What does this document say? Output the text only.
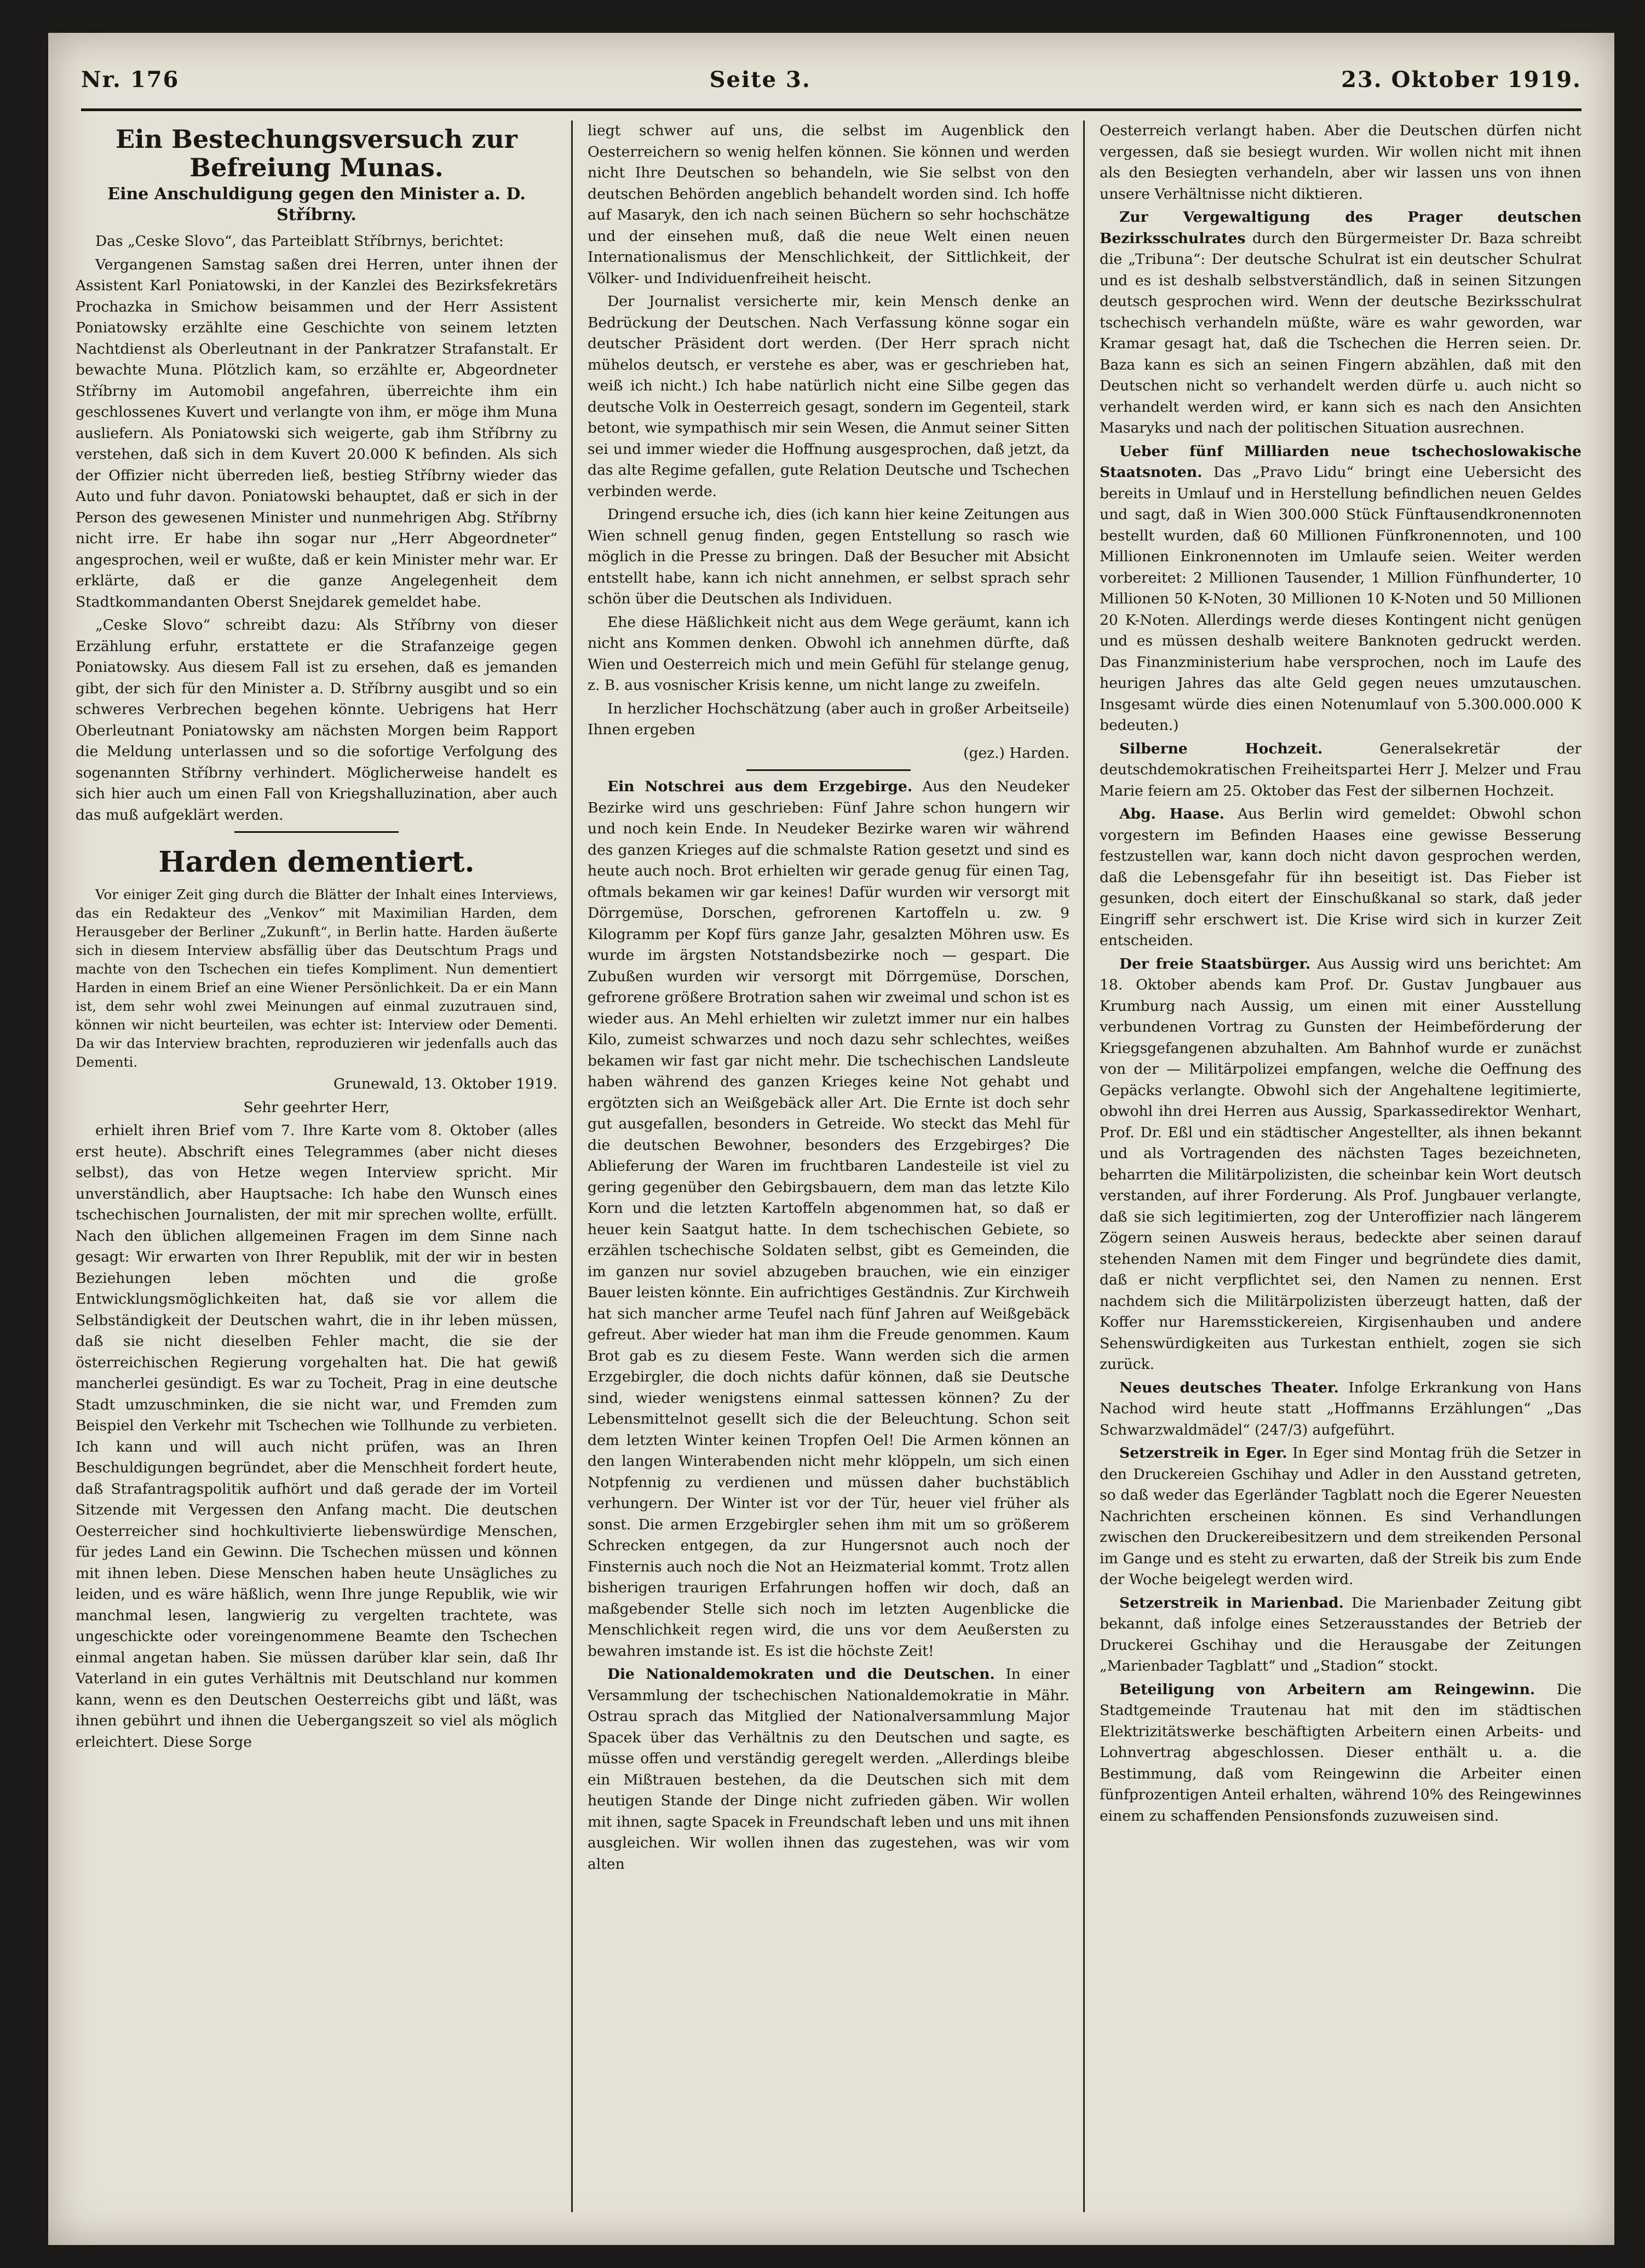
Nr. 176	Seite 3.	23. Oktober 1919.
Ein Bestechungsversuch zur Befreiung Munas.
Eine Anschuldigung gegen den Minister a. D. Stříbrny.

Das „Ceske Slovo“, das Parteiblatt Stříbrnys, berichtet:

Vergangenen Samstag saßen drei Herren, unter ihnen der Assistent Karl Poniatowski, in der Kanzlei des Bezirksfekretärs Prochazka in Smichow beisammen und der Herr Assistent Poniatowsky erzählte eine Geschichte von seinem letzten Nachtdienst als Oberleutnant in der Pankratzer Strafanstalt. Er bewachte Muna. Plötzlich kam, so erzählte er, Abgeordneter Stříbrny im Automobil angefahren, überreichte ihm ein geschlossenes Kuvert und verlangte von ihm, er möge ihm Muna ausliefern. Als Poniatowski sich weigerte, gab ihm Stříbrny zu verstehen, daß sich in dem Kuvert 20.000 K befinden. Als sich der Offizier nicht überreden ließ, bestieg Stříbrny wieder das Auto und fuhr davon. Poniatowski behauptet, daß er sich in der Person des gewesenen Minister und nunmehrigen Abg. Stříbrny nicht irre. Er habe ihn sogar nur „Herr Abgeordneter“ angesprochen, weil er wußte, daß er kein Minister mehr war. Er erklärte, daß er die ganze Angelegenheit dem Stadtkommandanten Oberst Snejdarek gemeldet habe.

„Ceske Slovo“ schreibt dazu: Als Stříbrny von dieser Erzählung erfuhr, erstattete er die Strafanzeige gegen Poniatowsky. Aus diesem Fall ist zu ersehen, daß es jemanden gibt, der sich für den Minister a. D. Stříbrny ausgibt und so ein schweres Verbrechen begehen könnte. Uebrigens hat Herr Oberleutnant Poniatowsky am nächsten Morgen beim Rapport die Meldung unterlassen und so die sofortige Verfolgung des sogenannten Stříbrny verhindert. Möglicherweise handelt es sich hier auch um einen Fall von Kriegshalluzination, aber auch das muß aufgeklärt werden.

Harden dementiert.

Vor einiger Zeit ging durch die Blätter der Inhalt eines Interviews, das ein Redakteur des „Venkov“ mit Maximilian Harden, dem Herausgeber der Berliner „Zukunft“, in Berlin hatte. Harden äußerte sich in diesem Interview absfällig über das Deutschtum Prags und machte von den Tschechen ein tiefes Kompliment. Nun dementiert Harden in einem Brief an eine Wiener Persönlichkeit. Da er ein Mann ist, dem sehr wohl zwei Meinungen auf einmal zuzutrauen sind, können wir nicht beurteilen, was echter ist: Interview oder Dementi. Da wir das Interview brachten, reproduzieren wir jedenfalls auch das Dementi.

Grunewald, 13. Oktober 1919.

Sehr geehrter Herr,

erhielt ihren Brief vom 7. Ihre Karte vom 8. Oktober (alles erst heute). Abschrift eines Telegrammes (aber nicht dieses selbst), das von Hetze wegen Interview spricht. Mir unverständlich, aber Hauptsache: Ich habe den Wunsch eines tschechischen Journalisten, der mit mir sprechen wollte, erfüllt. Nach den üblichen allgemeinen Fragen im dem Sinne nach gesagt: Wir erwarten von Ihrer Republik, mit der wir in besten Beziehungen leben möchten und die große Entwicklungsmöglichkeiten hat, daß sie vor allem die Selbständigkeit der Deutschen wahrt, die in ihr leben müssen, daß sie nicht dieselben Fehler macht, die sie der österreichischen Regierung vorgehalten hat. Die hat gewiß mancherlei gesündigt. Es war zu Tocheit, Prag in eine deutsche Stadt umzuschminken, die sie nicht war, und Fremden zum Beispiel den Verkehr mit Tschechen wie Tollhunde zu verbieten. Ich kann und will auch nicht prüfen, was an Ihren Beschuldigungen begründet, aber die Menschheit fordert heute, daß Strafantragspolitik aufhört und daß gerade der im Vorteil Sitzende mit Vergessen den Anfang macht. Die deutschen Oesterreicher sind hochkultivierte liebenswürdige Menschen, für jedes Land ein Gewinn. Die Tschechen müssen und können mit ihnen leben. Diese Menschen haben heute Unsägliches zu leiden, und es wäre häßlich, wenn Ihre junge Republik, wie wir manchmal lesen, langwierig zu vergelten trachtete, was ungeschickte oder voreingenommene Beamte den Tschechen einmal angetan haben. Sie müssen darüber klar sein, daß Ihr Vaterland in ein gutes Verhältnis mit Deutschland nur kommen kann, wenn es den Deutschen Oesterreichs gibt und läßt, was ihnen gebührt und ihnen die Uebergangszeit so viel als möglich erleichtert. Diese Sorge

liegt schwer auf uns, die selbst im Augenblick den Oesterreichern so wenig helfen können. Sie können und werden nicht Ihre Deutschen so behandeln, wie Sie selbst von den deutschen Behörden angeblich behandelt worden sind. Ich hoffe auf Masaryk, den ich nach seinen Büchern so sehr hochschätze und der einsehen muß, daß die neue Welt einen neuen Internationalismus der Menschlichkeit, der Sittlichkeit, der Völker- und Individuenfreiheit heischt.

Der Journalist versicherte mir, kein Mensch denke an Bedrückung der Deutschen. Nach Verfassung könne sogar ein deutscher Präsident dort werden. (Der Herr sprach nicht mühelos deutsch, er verstehe es aber, was er geschrieben hat, weiß ich nicht.) Ich habe natürlich nicht eine Silbe gegen das deutsche Volk in Oesterreich gesagt, sondern im Gegenteil, stark betont, wie sympathisch mir sein Wesen, die Anmut seiner Sitten sei und immer wieder die Hoffnung ausgesprochen, daß jetzt, da das alte Regime gefallen, gute Relation Deutsche und Tschechen verbinden werde.

Dringend ersuche ich, dies (ich kann hier keine Zeitungen aus Wien schnell genug finden, gegen Entstellung so rasch wie möglich in die Presse zu bringen. Daß der Besucher mit Absicht entstellt habe, kann ich nicht annehmen, er selbst sprach sehr schön über die Deutschen als Individuen.

Ehe diese Häßlichkeit nicht aus dem Wege geräumt, kann ich nicht ans Kommen denken. Obwohl ich annehmen dürfte, daß Wien und Oesterreich mich und mein Gefühl für stelange genug, z. B. aus vosnischer Krisis kenne, um nicht lange zu zweifeln.

In herzlicher Hochschätzung (aber auch in großer Arbeitseile) Ihnen ergeben

(gez.) Harden.

Ein Notschrei aus dem Erzgebirge. Aus den Neudeker Bezirke wird uns geschrieben: Fünf Jahre schon hungern wir und noch kein Ende. In Neudeker Bezirke waren wir während des ganzen Krieges auf die schmalste Ration gesetzt und sind es heute auch noch. Brot erhielten wir gerade genug für einen Tag, oftmals bekamen wir gar keines! Dafür wurden wir versorgt mit Dörrgemüse, Dorschen, gefrorenen Kartoffeln u. zw. 9 Kilogramm per Kopf fürs ganze Jahr, gesalzten Möhren usw. Es wurde im ärgsten Notstandsbezirke noch — gespart. Die Zubußen wurden wir versorgt mit Dörrgemüse, Dorschen, gefrorene größere Brotration sahen wir zweimal und schon ist es wieder aus. An Mehl erhielten wir zuletzt immer nur ein halbes Kilo, zumeist schwarzes und noch dazu sehr schlechtes, weißes bekamen wir fast gar nicht mehr. Die tschechischen Landsleute haben während des ganzen Krieges keine Not gehabt und ergötzten sich an Weißgebäck aller Art. Die Ernte ist doch sehr gut ausgefallen, besonders in Getreide. Wo steckt das Mehl für die deutschen Bewohner, besonders des Erzgebirges? Die Ablieferung der Waren im fruchtbaren Landesteile ist viel zu gering gegenüber den Gebirgsbauern, dem man das letzte Kilo Korn und die letzten Kartoffeln abgenommen hat, so daß er heuer kein Saatgut hatte. In dem tschechischen Gebiete, so erzählen tschechische Soldaten selbst, gibt es Gemeinden, die im ganzen nur soviel abzugeben brauchen, wie ein einziger Bauer leisten könnte. Ein aufrichtiges Geständnis. Zur Kirchweih hat sich mancher arme Teufel nach fünf Jahren auf Weißgebäck gefreut. Aber wieder hat man ihm die Freude genommen. Kaum Brot gab es zu diesem Feste. Wann werden sich die armen Erzgebirgler, die doch nichts dafür können, daß sie Deutsche sind, wieder wenigstens einmal sattessen können? Zu der Lebensmittelnot gesellt sich die der Beleuchtung. Schon seit dem letzten Winter keinen Tropfen Oel! Die Armen können an den langen Winterabenden nicht mehr klöppeln, um sich einen Notpfennig zu verdienen und müssen daher buchstäblich verhungern. Der Winter ist vor der Tür, heuer viel früher als sonst. Die armen Erzgebirgler sehen ihm mit um so größerem Schrecken entgegen, da zur Hungersnot auch noch der Finsternis auch noch die Not an Heizmaterial kommt. Trotz allen bisherigen traurigen Erfahrungen hoffen wir doch, daß an maßgebender Stelle sich noch im letzten Augenblicke die Menschlichkeit regen wird, die uns vor dem Aeußersten zu bewahren imstande ist. Es ist die höchste Zeit!

Die Nationaldemokraten und die Deutschen. In einer Versammlung der tschechischen Nationaldemokratie in Mähr. Ostrau sprach das Mitglied der Nationalversammlung Major Spacek über das Verhältnis zu den Deutschen und sagte, es müsse offen und verständig geregelt werden. „Allerdings bleibe ein Mißtrauen bestehen, da die Deutschen sich mit dem heutigen Stande der Dinge nicht zufrieden gäben. Wir wollen mit ihnen, sagte Spacek in Freundschaft leben und uns mit ihnen ausgleichen. Wir wollen ihnen das zugestehen, was wir vom alten

Oesterreich verlangt haben. Aber die Deutschen dürfen nicht vergessen, daß sie besiegt wurden. Wir wollen nicht mit ihnen als den Besiegten verhandeln, aber wir lassen uns von ihnen unsere Verhältnisse nicht diktieren.

Zur Vergewaltigung des Prager deutschen Bezirksschulrates durch den Bürgermeister Dr. Baza schreibt die „Tribuna“: Der deutsche Schulrat ist ein deutscher Schulrat und es ist deshalb selbstverständlich, daß in seinen Sitzungen deutsch gesprochen wird. Wenn der deutsche Bezirksschulrat tschechisch verhandeln müßte, wäre es wahr geworden, war Kramar gesagt hat, daß die Tschechen die Herren seien. Dr. Baza kann es sich an seinen Fingern abzählen, daß mit den Deutschen nicht so verhandelt werden dürfe u. auch nicht so verhandelt werden wird, er kann sich es nach den Ansichten Masaryks und nach der politischen Situation ausrechnen.

Ueber fünf Milliarden neue tschechoslowakische Staatsnoten. Das „Pravo Lidu“ bringt eine Uebersicht des bereits in Umlauf und in Herstellung befindlichen neuen Geldes und sagt, daß in Wien 300.000 Stück Fünftausendkronennoten bestellt wurden, daß 60 Millionen Fünfkronennoten, und 100 Millionen Einkronennoten im Umlaufe seien. Weiter werden vorbereitet: 2 Millionen Tausender, 1 Million Fünfhunderter, 10 Millionen 50 K-Noten, 30 Millionen 10 K-Noten und 50 Millionen 20 K-Noten. Allerdings werde dieses Kontingent nicht genügen und es müssen deshalb weitere Banknoten gedruckt werden. Das Finanzministerium habe versprochen, noch im Laufe des heurigen Jahres das alte Geld gegen neues umzutauschen. Insgesamt würde dies einen Notenumlauf von 5.300.000.000 K bedeuten.)

Silberne Hochzeit.	Generalsekretär der deutschdemokratischen Freiheitspartei Herr J. Melzer und Frau Marie feiern am 25. Oktober das Fest der silbernen Hochzeit.

Abg. Haase. Aus Berlin wird gemeldet: Obwohl schon vorgestern im Befinden Haases eine gewisse Besserung festzustellen war, kann doch nicht davon gesprochen werden, daß die Lebensgefahr für ihn beseitigt ist. Das Fieber ist gesunken, doch eitert der Einschußkanal so stark, daß jeder Eingriff sehr erschwert ist. Die Krise wird sich in kurzer Zeit entscheiden.

Der freie Staatsbürger. Aus Aussig wird uns berichtet: Am 18. Oktober abends kam Prof. Dr. Gustav Jungbauer aus Krumburg nach Aussig, um einen mit einer Ausstellung verbundenen Vortrag zu Gunsten der Heimbeförderung der Kriegsgefangenen abzuhalten. Am Bahnhof wurde er zunächst von der — Militärpolizei empfangen, welche die Oeffnung des Gepäcks verlangte. Obwohl sich der Angehaltene legitimierte, obwohl ihn drei Herren aus Aussig, Sparkassedirektor Wenhart, Prof. Dr. Eßl und ein städtischer Angestellter, als ihnen bekannt und als Vortragenden des nächsten Tages bezeichneten, beharrten die Militärpolizisten, die scheinbar kein Wort deutsch verstanden, auf ihrer Forderung. Als Prof. Jungbauer verlangte, daß sie sich legitimierten, zog der Unteroffizier nach längerem Zögern seinen Ausweis heraus, bedeckte aber seinen darauf stehenden Namen mit dem Finger und begründete dies damit, daß er nicht verpflichtet sei, den Namen zu nennen. Erst nachdem sich die Militärpolizisten überzeugt hatten, daß der Koffer nur Haremsstickereien, Kirgisenhauben und andere Sehenswürdigkeiten aus Turkestan enthielt, zogen sie sich zurück.

Neues deutsches Theater. Infolge Erkrankung von Hans Nachod wird heute statt „Hoffmanns Erzählungen“ „Das Schwarzwaldmädel“ (247/3) aufgeführt.

Setzerstreik in Eger. In Eger sind Montag früh die Setzer in den Druckereien Gschihay und Adler in den Ausstand getreten, so daß weder das Egerländer Tagblatt noch die Egerer Neuesten Nachrichten erscheinen können. Es sind Verhandlungen zwischen den Druckereibesitzern und dem streikenden Personal im Gange und es steht zu erwarten, daß der Streik bis zum Ende der Woche beigelegt werden wird.

Setzerstreik in Marienbad. Die Marienbader Zeitung gibt bekannt, daß infolge eines Setzerausstandes der Betrieb der Druckerei Gschihay und die Herausgabe der Zeitungen „Marienbader Tagblatt“ und „Stadion“ stockt.

Beteiligung von Arbeitern am Reingewinn. Die Stadtgemeinde Trautenau hat mit den im städtischen Elektrizitätswerke beschäftigten Arbeitern einen Arbeits- und Lohnvertrag abgeschlossen. Dieser enthält u. a. die Bestimmung, daß vom Reingewinn die Arbeiter einen fünfprozentigen Anteil erhalten, während 10% des Reingewinnes einem zu schaffenden Pensionsfonds zuzuweisen sind.
